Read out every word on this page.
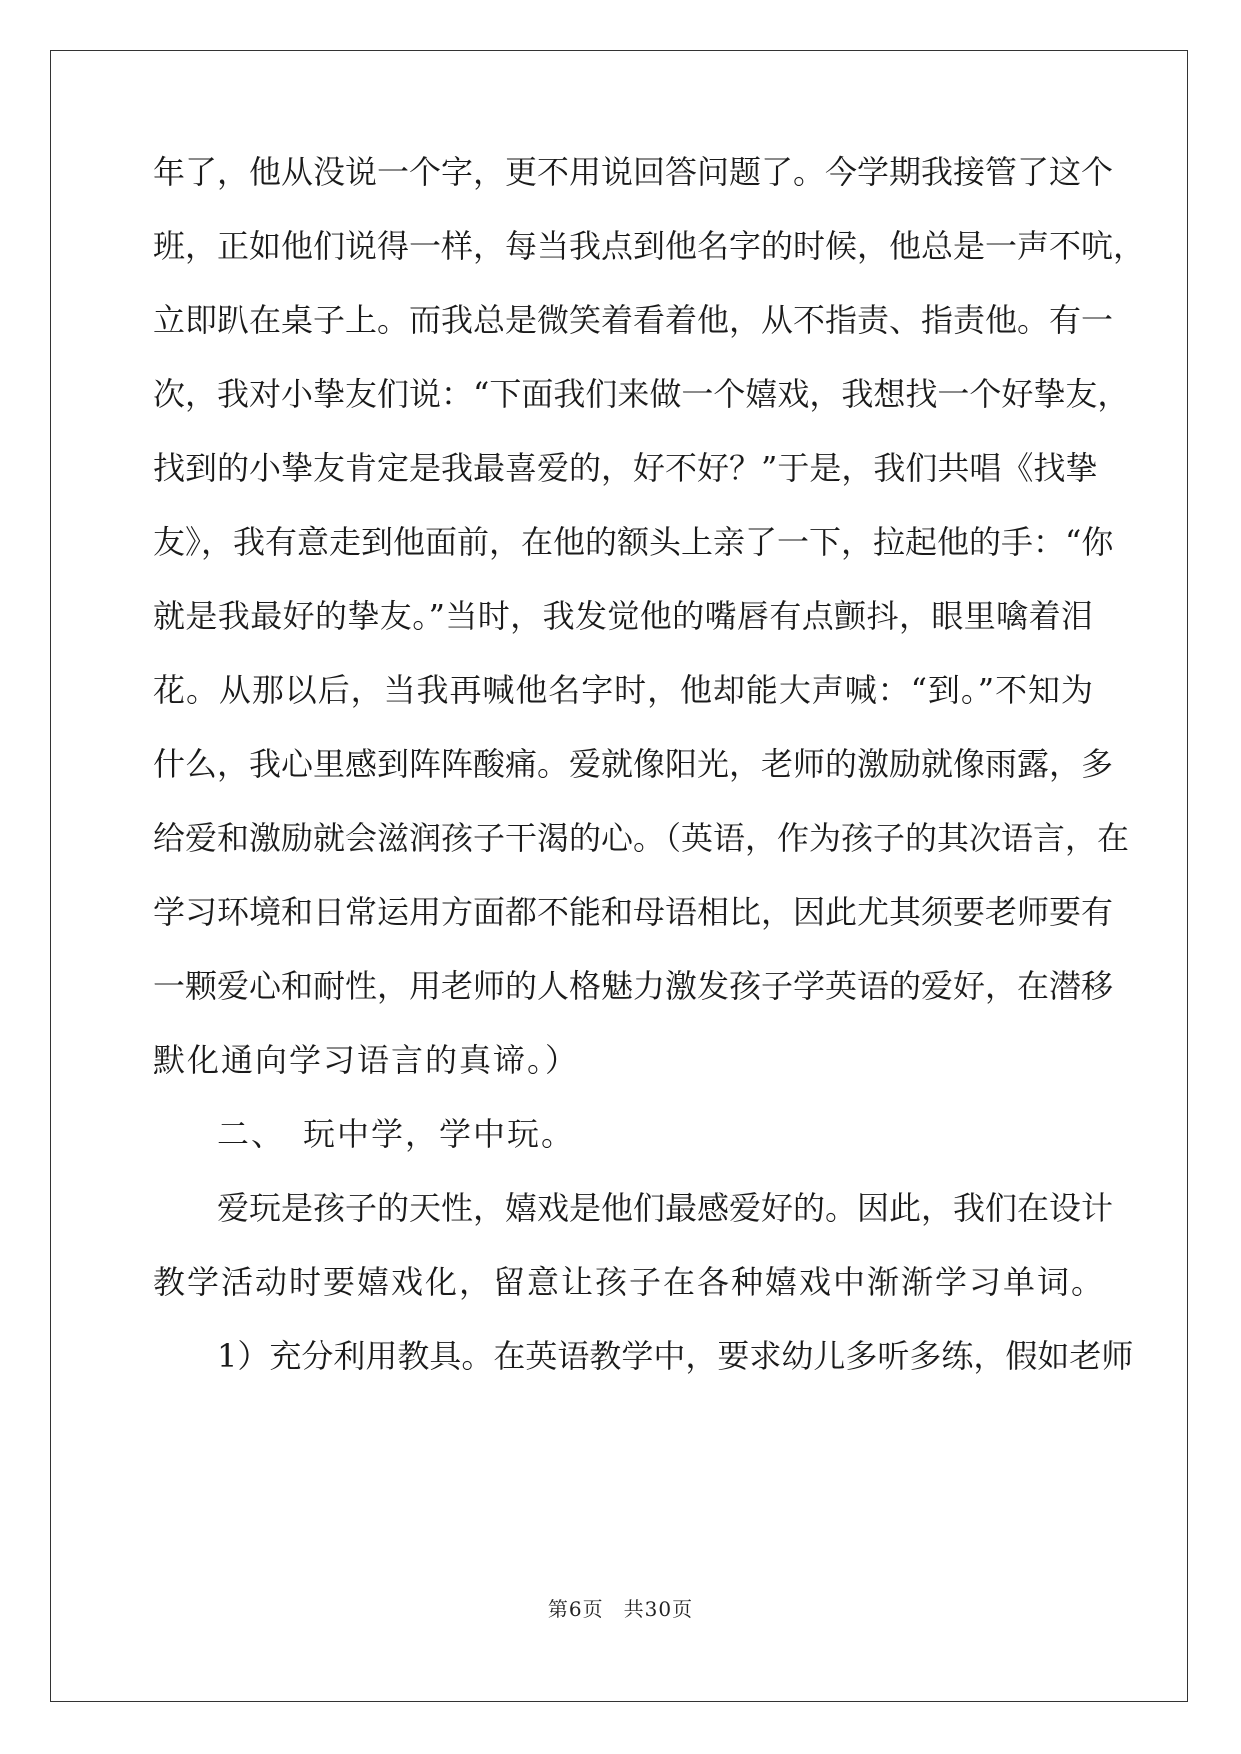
年了，他从没说一个字，更不用说回答问题了。今学期我接管了这个
班，正如他们说得一样，每当我点到他名字的时候，他总是一声不吭，
立即趴在桌子上。而我总是微笑着看着他，从不指责、指责他。有一
次，我对小挚友们说：“下面我们来做一个嬉戏，我想找一个好挚友，
找到的小挚友肯定是我最喜爱的，好不好？”于是，我们共唱《找挚
友》，我有意走到他面前，在他的额头上亲了一下，拉起他的手：“你
就是我最好的挚友。”当时，我发觉他的嘴唇有点颤抖，眼里噙着泪
花。从那以后，当我再喊他名字时，他却能大声喊：“到。”不知为
什么，我心里感到阵阵酸痛。爱就像阳光，老师的激励就像雨露，多
给爱和激励就会滋润孩子干渴的心。（英语，作为孩子的其次语言，在
学习环境和日常运用方面都不能和母语相比，因此尤其须要老师要有
一颗爱心和耐性，用老师的人格魅力激发孩子学英语的爱好，在潜移
默化通向学习语言的真谛。）
二、　玩中学，学中玩。
爱玩是孩子的天性，嬉戏是他们最感爱好的。因此，我们在设计
教学活动时要嬉戏化，留意让孩子在各种嬉戏中渐渐学习单词。
1）充分利用教具。在英语教学中，要求幼儿多听多练，假如老师
第6页 共30页
